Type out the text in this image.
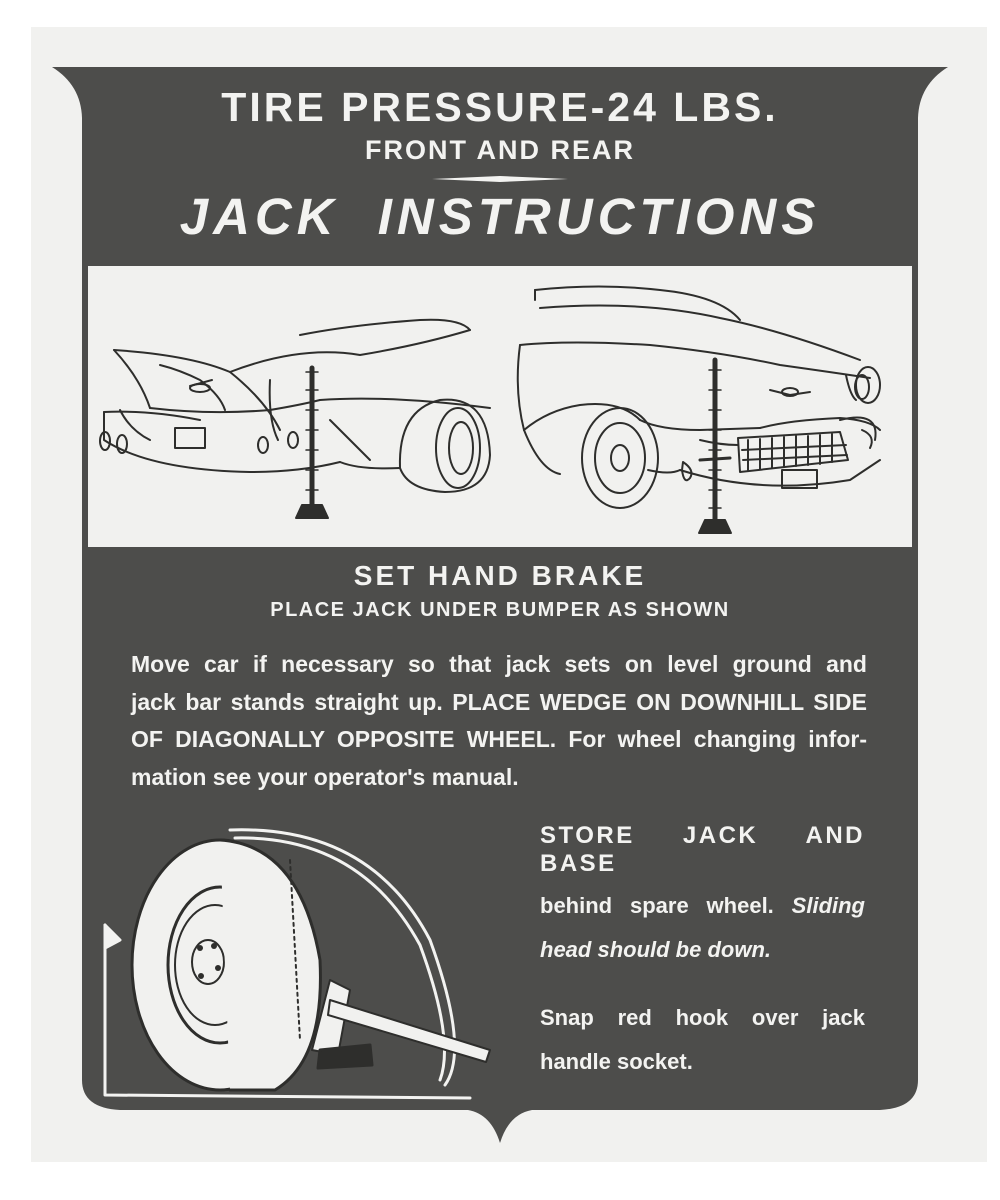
TIRE PRESSURE-24 LBS.
FRONT AND REAR
JACK INSTRUCTIONS
SET HAND BRAKE
PLACE JACK UNDER BUMPER AS SHOWN
Move car if necessary so that jack sets on level ground and
jack bar stands straight up. PLACE WEDGE ON DOWNHILL SIDE
OF DIAGONALLY OPPOSITE WHEEL. For wheel changing infor-
mation see your operator's manual.
STORE JACK AND BASE
behind spare wheel. Sliding
head should be down.
Snap red hook over jack
handle socket.
